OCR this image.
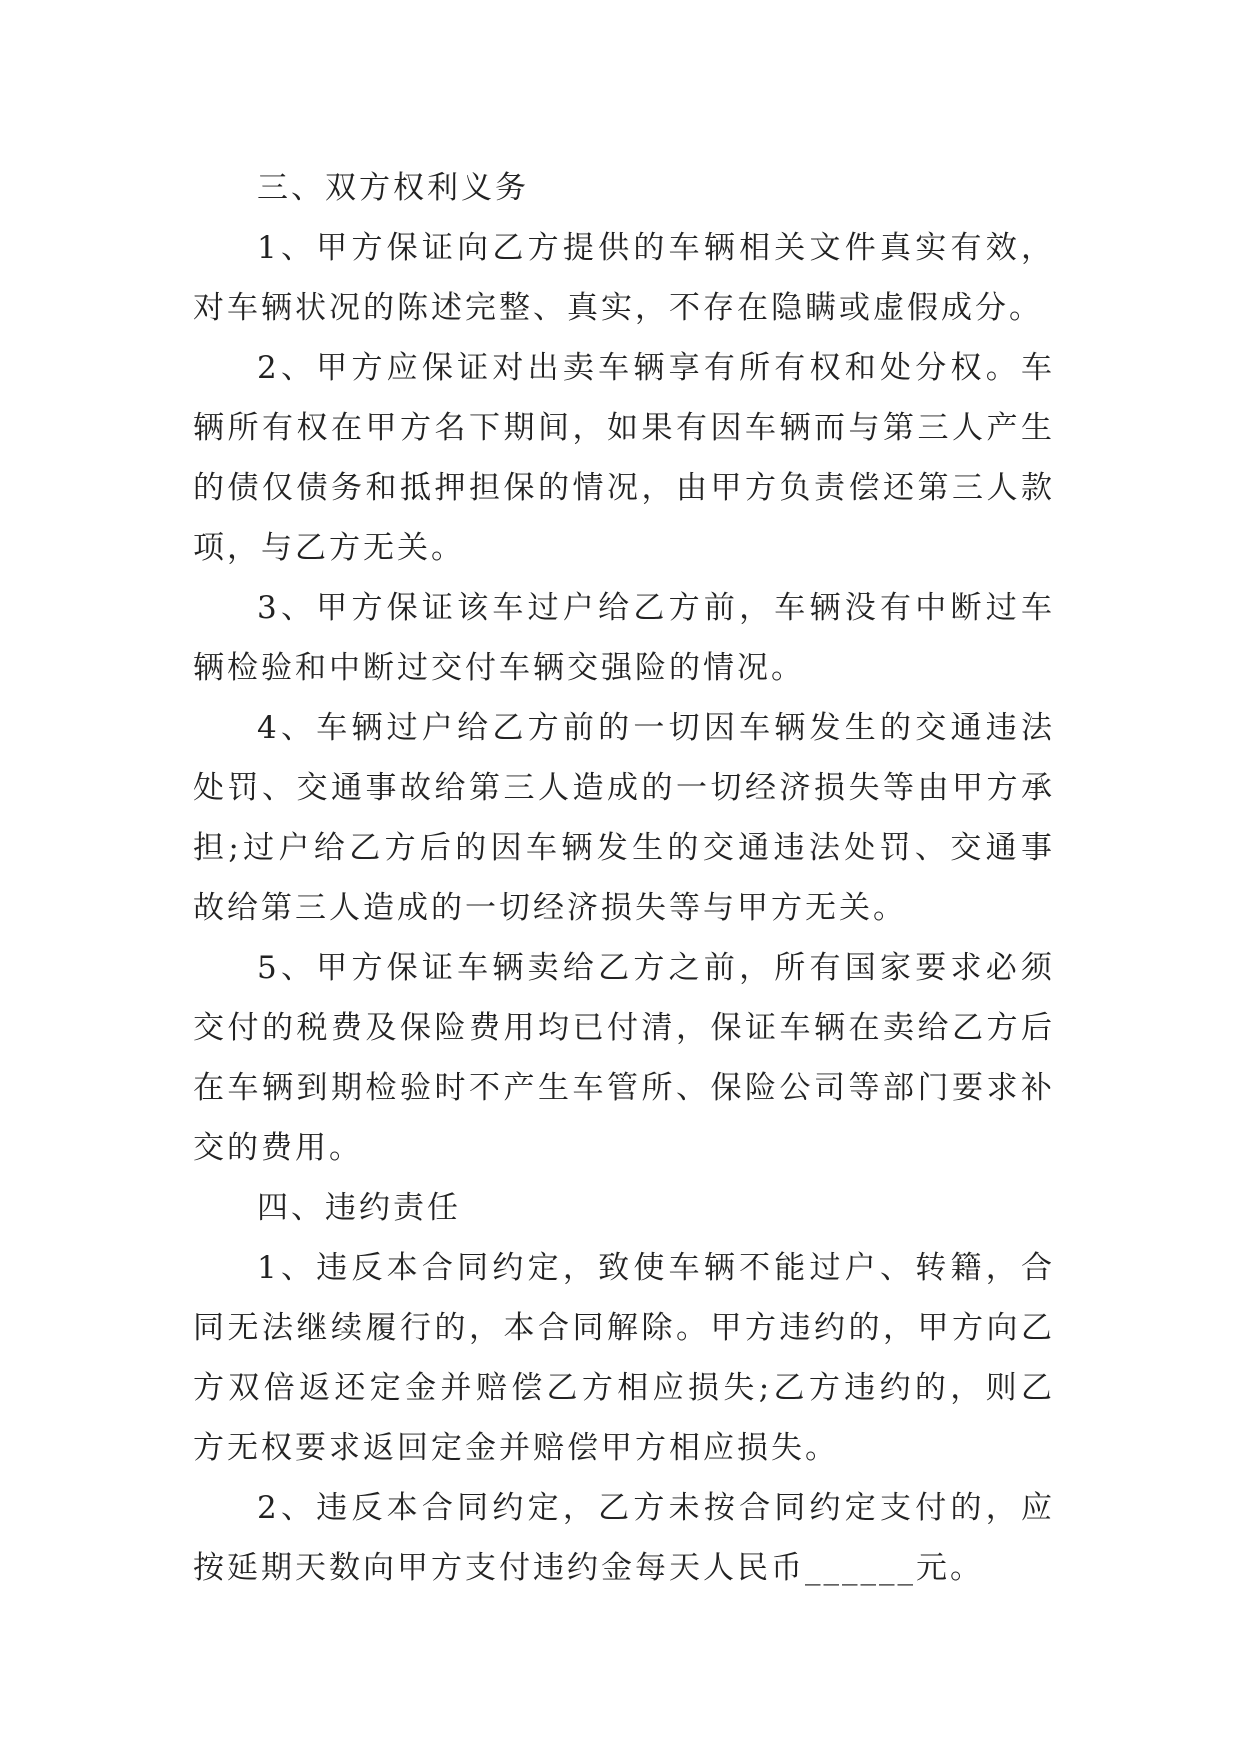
三、双方权利义务

1、甲方保证向乙方提供的车辆相关文件真实有效，对车辆状况的陈述完整、真实，不存在隐瞒或虚假成分。

2、甲方应保证对出卖车辆享有所有权和处分权。车辆所有权在甲方名下期间，如果有因车辆而与第三人产生的债仅债务和抵押担保的情况，由甲方负责偿还第三人款项，与乙方无关。

3、甲方保证该车过户给乙方前，车辆没有中断过车辆检验和中断过交付车辆交强险的情况。

4、车辆过户给乙方前的一切因车辆发生的交通违法处罚、交通事故给第三人造成的一切经济损失等由甲方承担;过户给乙方后的因车辆发生的交通违法处罚、交通事故给第三人造成的一切经济损失等与甲方无关。

5、甲方保证车辆卖给乙方之前，所有国家要求必须交付的税费及保险费用均已付清，保证车辆在卖给乙方后在车辆到期检验时不产生车管所、保险公司等部门要求补交的费用。

四、违约责任

1、违反本合同约定，致使车辆不能过户、转籍，合同无法继续履行的，本合同解除。甲方违约的，甲方向乙方双倍返还定金并赔偿乙方相应损失;乙方违约的，则乙方无权要求返回定金并赔偿甲方相应损失。

2、违反本合同约定，乙方未按合同约定支付的，应按延期天数向甲方支付违约金每天人民币______元。
